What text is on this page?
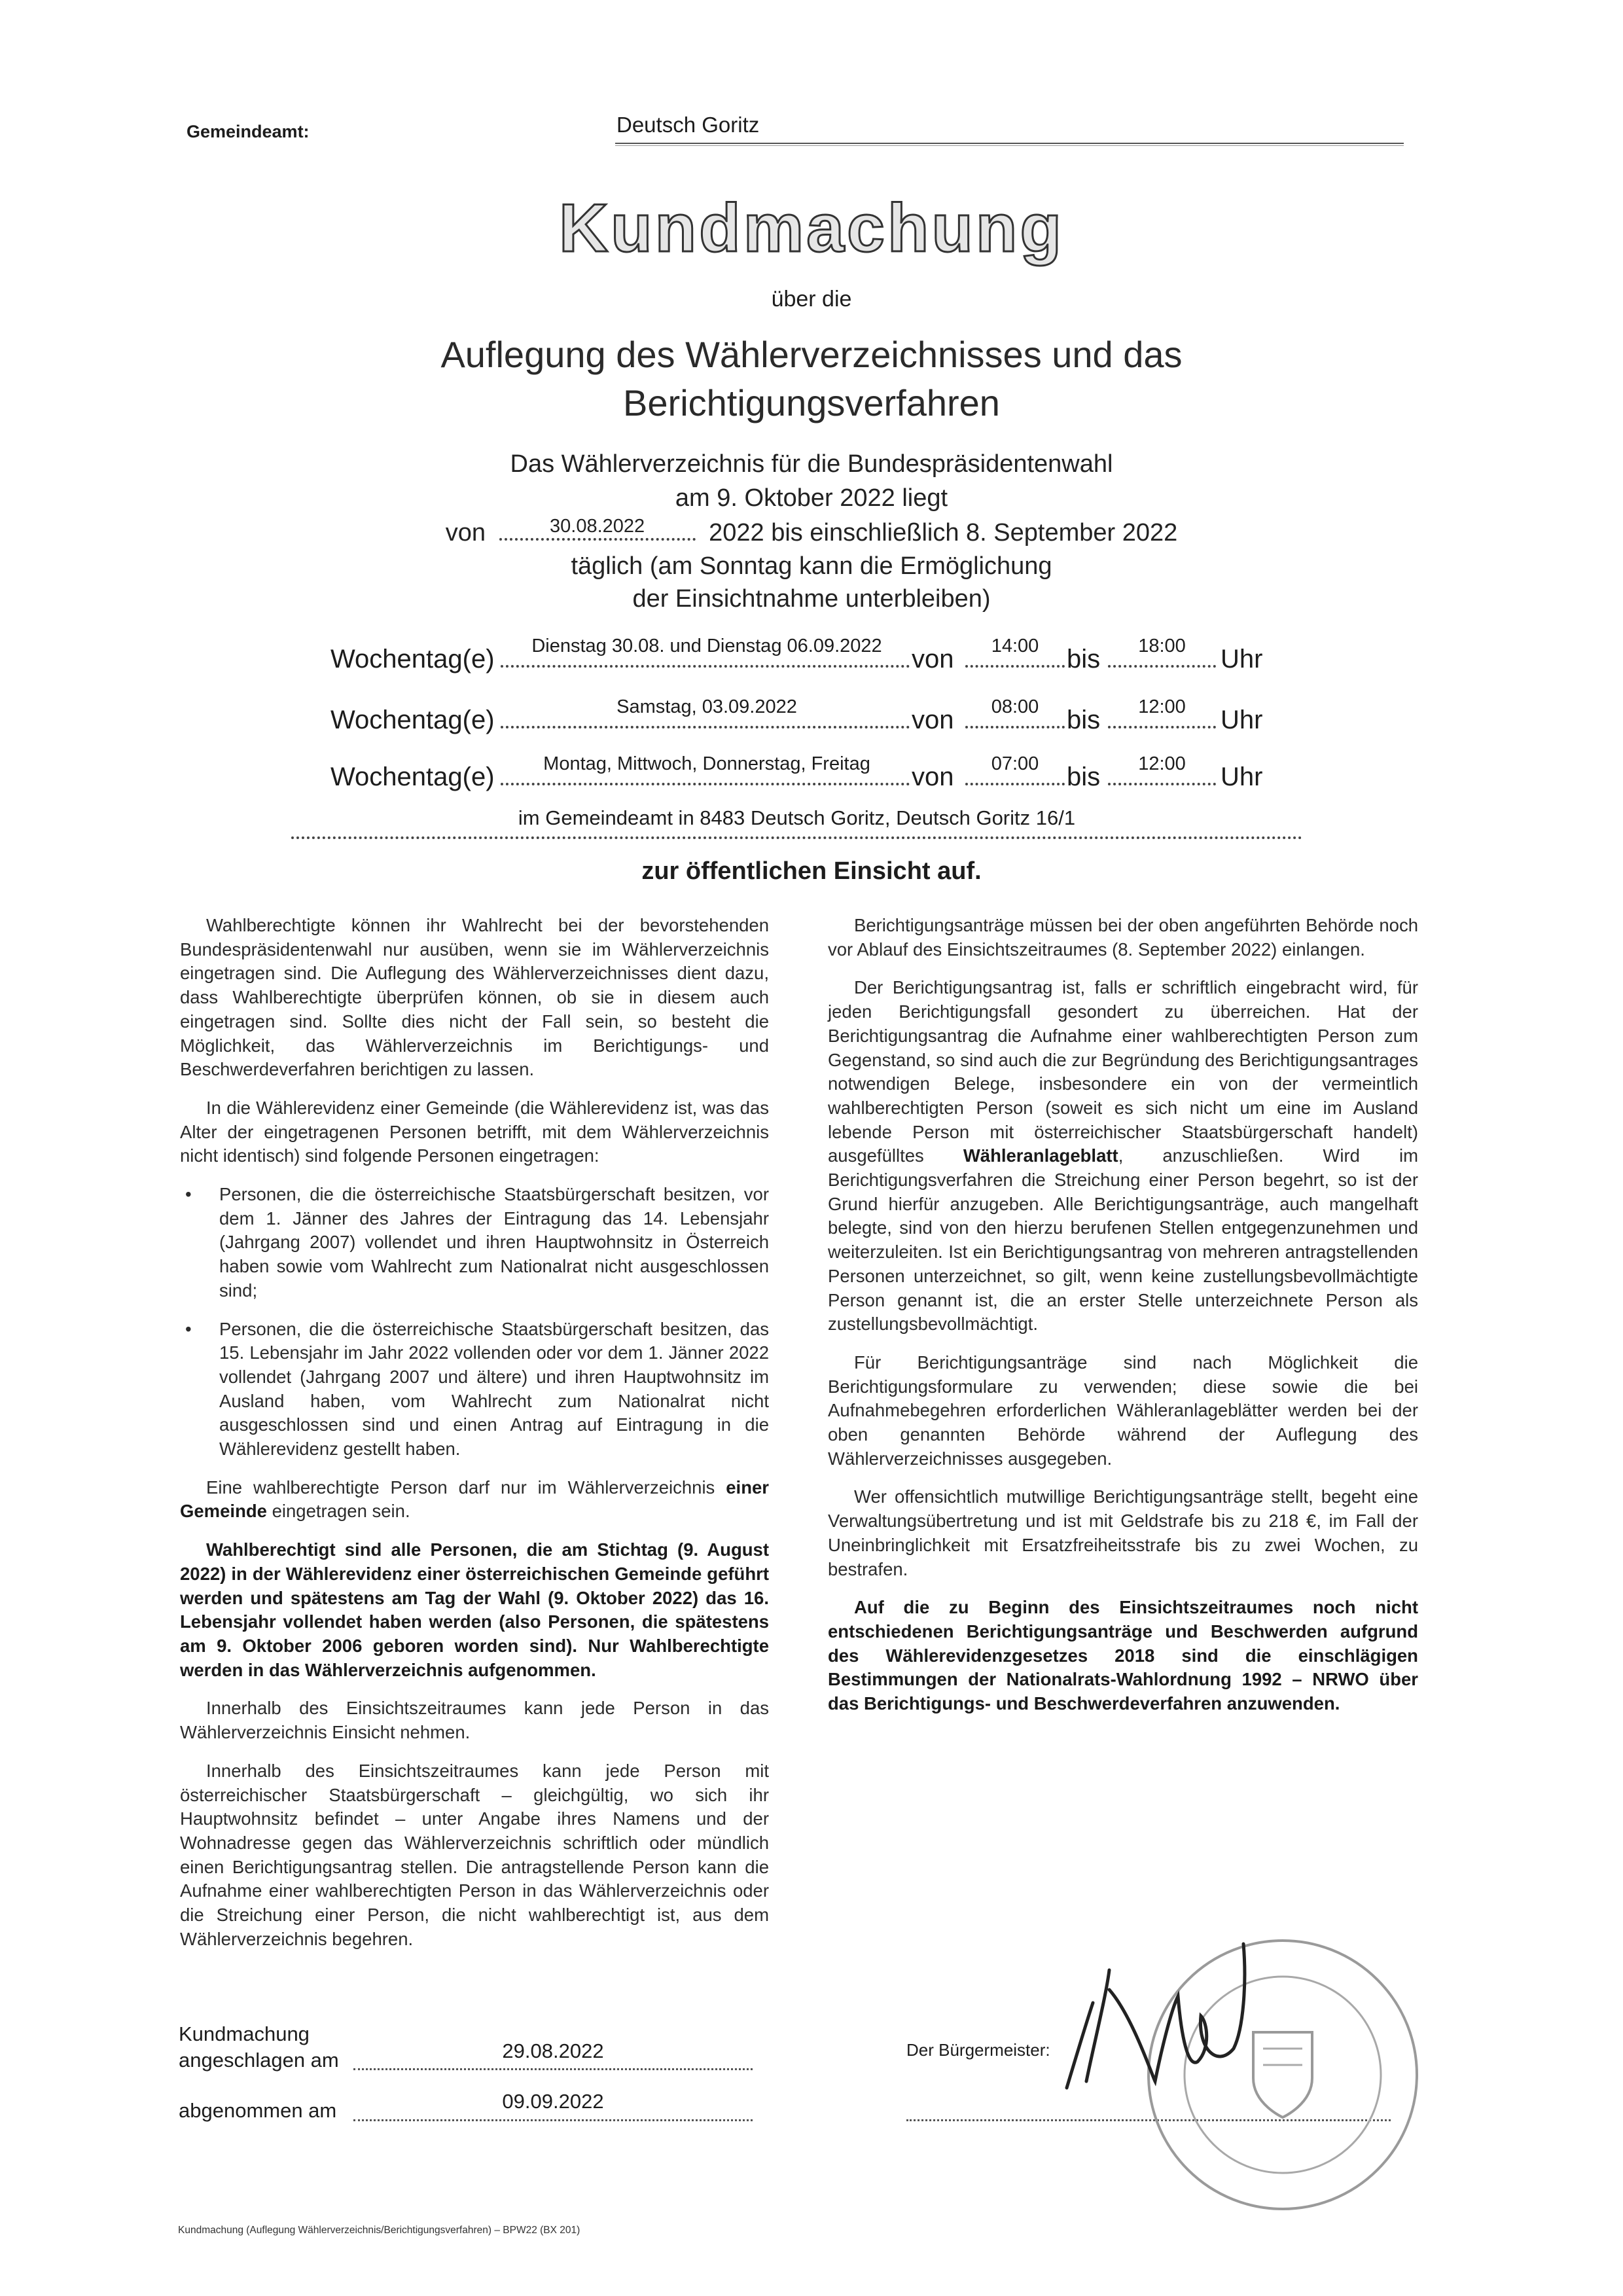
Gemeindeamt:	Deutsch Goritz
Kundmachung
über die
Auflegung des Wählerverzeichnisses und das
Berichtigungsverfahren
Das Wählerverzeichnis für die Bundespräsidentenwahl
am 9. Oktober 2022 liegt
von	30.08.2022	2022 bis einschließlich 8. September 2022
täglich (am Sonntag kann die Ermöglichung
der Einsichtnahme unterbleiben)
Wochentag(e)	Dienstag 30.08. und Dienstag 06.09.2022	von	14:00	bis	18:00	Uhr
Wochentag(e)	Samstag, 03.09.2022	von	08:00	bis	12:00	Uhr
Wochentag(e)	Montag, Mittwoch, Donnerstag, Freitag	von	07:00	bis	12:00	Uhr
im Gemeindeamt in 8483 Deutsch Goritz, Deutsch Goritz 16/1
zur öffentlichen Einsicht auf.

Wahlberechtigte können ihr Wahlrecht bei der bevorstehenden Bundespräsidentenwahl nur ausüben, wenn sie im Wählerverzeichnis eingetragen sind. Die Auflegung des Wählerverzeichnisses dient dazu, dass Wahlberechtigte überprüfen können, ob sie in diesem auch eingetragen sind. Sollte dies nicht der Fall sein, so besteht die Möglichkeit, das Wählerverzeichnis im Berichtigungs- und Beschwerdeverfahren berichtigen zu lassen.

In die Wählerevidenz einer Gemeinde (die Wählerevidenz ist, was das Alter der eingetragenen Personen betrifft, mit dem Wählerverzeichnis nicht identisch) sind folgende Personen eingetragen:

• Personen, die die österreichische Staatsbürgerschaft besitzen, vor dem 1. Jänner des Jahres der Eintragung das 14. Lebensjahr (Jahrgang 2007) vollendet und ihren Hauptwohnsitz in Österreich haben sowie vom Wahlrecht zum Nationalrat nicht ausgeschlossen sind;
• Personen, die die österreichische Staatsbürgerschaft besitzen, das 15. Lebensjahr im Jahr 2022 vollenden oder vor dem 1. Jänner 2022 vollendet (Jahrgang 2007 und ältere) und ihren Hauptwohnsitz im Ausland haben, vom Wahlrecht zum Nationalrat nicht ausgeschlossen sind und einen Antrag auf Eintragung in die Wählerevidenz gestellt haben.

Eine wahlberechtigte Person darf nur im Wählerverzeichnis einer Gemeinde eingetragen sein.

Wahlberechtigt sind alle Personen, die am Stichtag (9. August 2022) in der Wählerevidenz einer österreichischen Gemeinde geführt werden und spätestens am Tag der Wahl (9. Oktober 2022) das 16. Lebensjahr vollendet haben werden (also Personen, die spätestens am 9. Oktober 2006 geboren worden sind). Nur Wahlberechtigte werden in das Wählerverzeichnis aufgenommen.

Innerhalb des Einsichtszeitraumes kann jede Person in das Wählerverzeichnis Einsicht nehmen.

Innerhalb des Einsichtszeitraumes kann jede Person mit österreichischer Staatsbürgerschaft – gleichgültig, wo sich ihr Hauptwohnsitz befindet – unter Angabe ihres Namens und der Wohnadresse gegen das Wählerverzeichnis schriftlich oder mündlich einen Berichtigungsantrag stellen. Die antragstellende Person kann die Aufnahme einer wahlberechtigten Person in das Wählerverzeichnis oder die Streichung einer Person, die nicht wahlberechtigt ist, aus dem Wählerverzeichnis begehren.

Berichtigungsanträge müssen bei der oben angeführten Behörde noch vor Ablauf des Einsichtszeitraumes (8. September 2022) einlangen.

Der Berichtigungsantrag ist, falls er schriftlich eingebracht wird, für jeden Berichtigungsfall gesondert zu überreichen. Hat der Berichtigungsantrag die Aufnahme einer wahlberechtigten Person zum Gegenstand, so sind auch die zur Begründung des Berichtigungsantrages notwendigen Belege, insbesondere ein von der vermeintlich wahlberechtigten Person (soweit es sich nicht um eine im Ausland lebende Person mit österreichischer Staatsbürgerschaft handelt) ausgefülltes Wähleranlageblatt, anzuschließen. Wird im Berichtigungsverfahren die Streichung einer Person begehrt, so ist der Grund hierfür anzugeben. Alle Berichtigungsanträge, auch mangelhaft belegte, sind von den hierzu berufenen Stellen entgegenzunehmen und weiterzuleiten. Ist ein Berichtigungsantrag von mehreren antragstellenden Personen unterzeichnet, so gilt, wenn keine zustellungsbevollmächtigte Person genannt ist, die an erster Stelle unterzeichnete Person als zustellungsbevollmächtigt.

Für Berichtigungsanträge sind nach Möglichkeit die Berichtigungsformulare zu verwenden; diese sowie die bei Aufnahmebegehren erforderlichen Wähleranlageblätter werden bei der oben genannten Behörde während der Auflegung des Wählerverzeichnisses ausgegeben.

Wer offensichtlich mutwillige Berichtigungsanträge stellt, begeht eine Verwaltungsübertretung und ist mit Geldstrafe bis zu 218 €, im Fall der Uneinbringlichkeit mit Ersatzfreiheitsstrafe bis zu zwei Wochen, zu bestrafen.

Auf die zu Beginn des Einsichtszeitraumes noch nicht entschiedenen Berichtigungsanträge und Beschwerden aufgrund des Wählerevidenzgesetzes 2018 sind die einschlägigen Bestimmungen der Nationalrats-Wahlordnung 1992 – NRWO über das Berichtigungs- und Beschwerdeverfahren anzuwenden.

Kundmachung
angeschlagen am	29.08.2022
abgenommen am	09.09.2022
Der Bürgermeister:
Kundmachung (Auflegung Wählerverzeichnis/Berichtigungsverfahren) – BPW22 (BX 201)
